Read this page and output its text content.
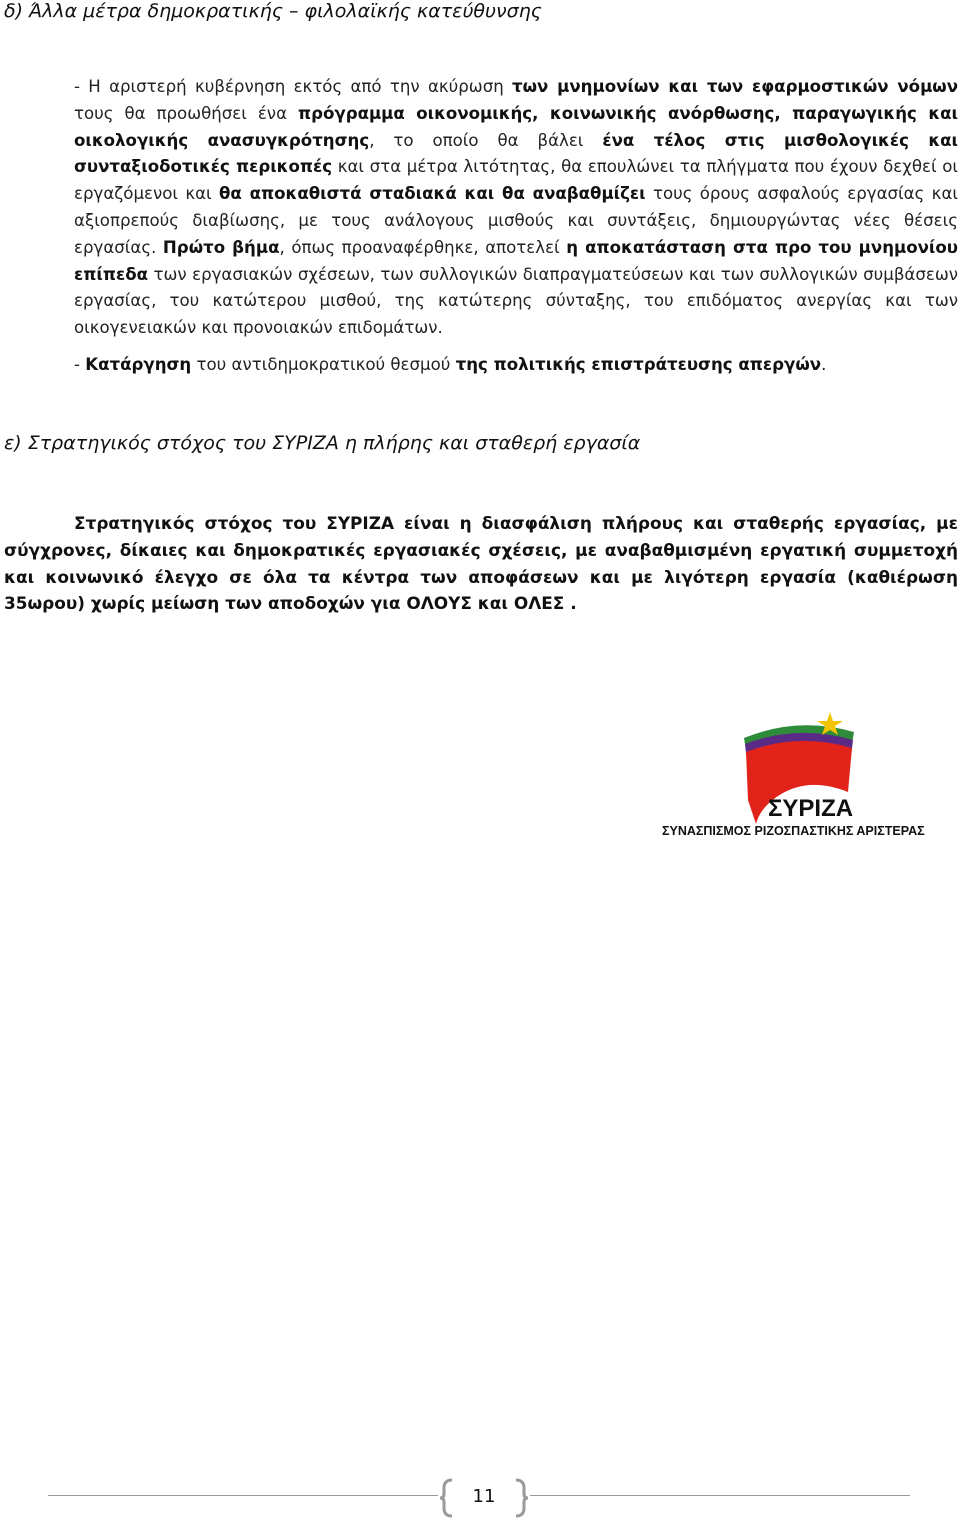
δ) Άλλα μέτρα δημοκρατικής – φιλολαϊκής κατεύθυνσης
- Η αριστερή κυβέρνηση εκτός από την ακύρωση των μνημονίων και των εφαρμοστικών νόμων τους θα προωθήσει ένα πρόγραμμα οικονομικής, κοινωνικής ανόρθωσης, παραγωγικής και οικολογικής ανασυγκρότησης, το οποίο θα βάλει ένα τέλος στις μισθολογικές και συνταξιοδοτικές περικοπές και στα μέτρα λιτότητας, θα επουλώνει τα πλήγματα που έχουν δεχθεί οι εργαζόμενοι και θα αποκαθιστά σταδιακά και θα αναβαθμίζει τους όρους ασφαλούς εργασίας και αξιοπρεπούς διαβίωσης, με τους ανάλογους μισθούς και συντάξεις, δημιουργώντας νέες θέσεις εργασίας. Πρώτο βήμα, όπως προαναφέρθηκε, αποτελεί η αποκατάσταση στα προ του μνημονίου επίπεδα των εργασιακών σχέσεων, των συλλογικών διαπραγματεύσεων και των συλλογικών συμβάσεων εργασίας, του κατώτερου μισθού, της κατώτερης σύνταξης, του επιδόματος ανεργίας και των οικογενειακών και προνοιακών επιδομάτων.
- Κατάργηση του αντιδημοκρατικού θεσμού της πολιτικής επιστράτευσης απεργών.
ε) Στρατηγικός στόχος του ΣΥΡΙΖΑ η πλήρης και σταθερή εργασία
Στρατηγικός στόχος του ΣΥΡΙΖΑ είναι η διασφάλιση πλήρους και σταθερής εργασίας, με σύγχρονες, δίκαιες και δημοκρατικές εργασιακές σχέσεις, με αναβαθμισμένη εργατική συμμετοχή και κοινωνικό έλεγχο σε όλα τα κέντρα των αποφάσεων και με λιγότερη εργασία (καθιέρωση 35ωρου) χωρίς μείωση των αποδοχών για ΟΛΟΥΣ και ΟΛΕΣ .
ΣΥΡΙΖΑ
ΣΥΝΑΣΠΙΣΜΟΣ ΡΙΖΟΣΠΑΣΤΙΚΗΣ ΑΡΙΣΤΕΡΑΣ
11
